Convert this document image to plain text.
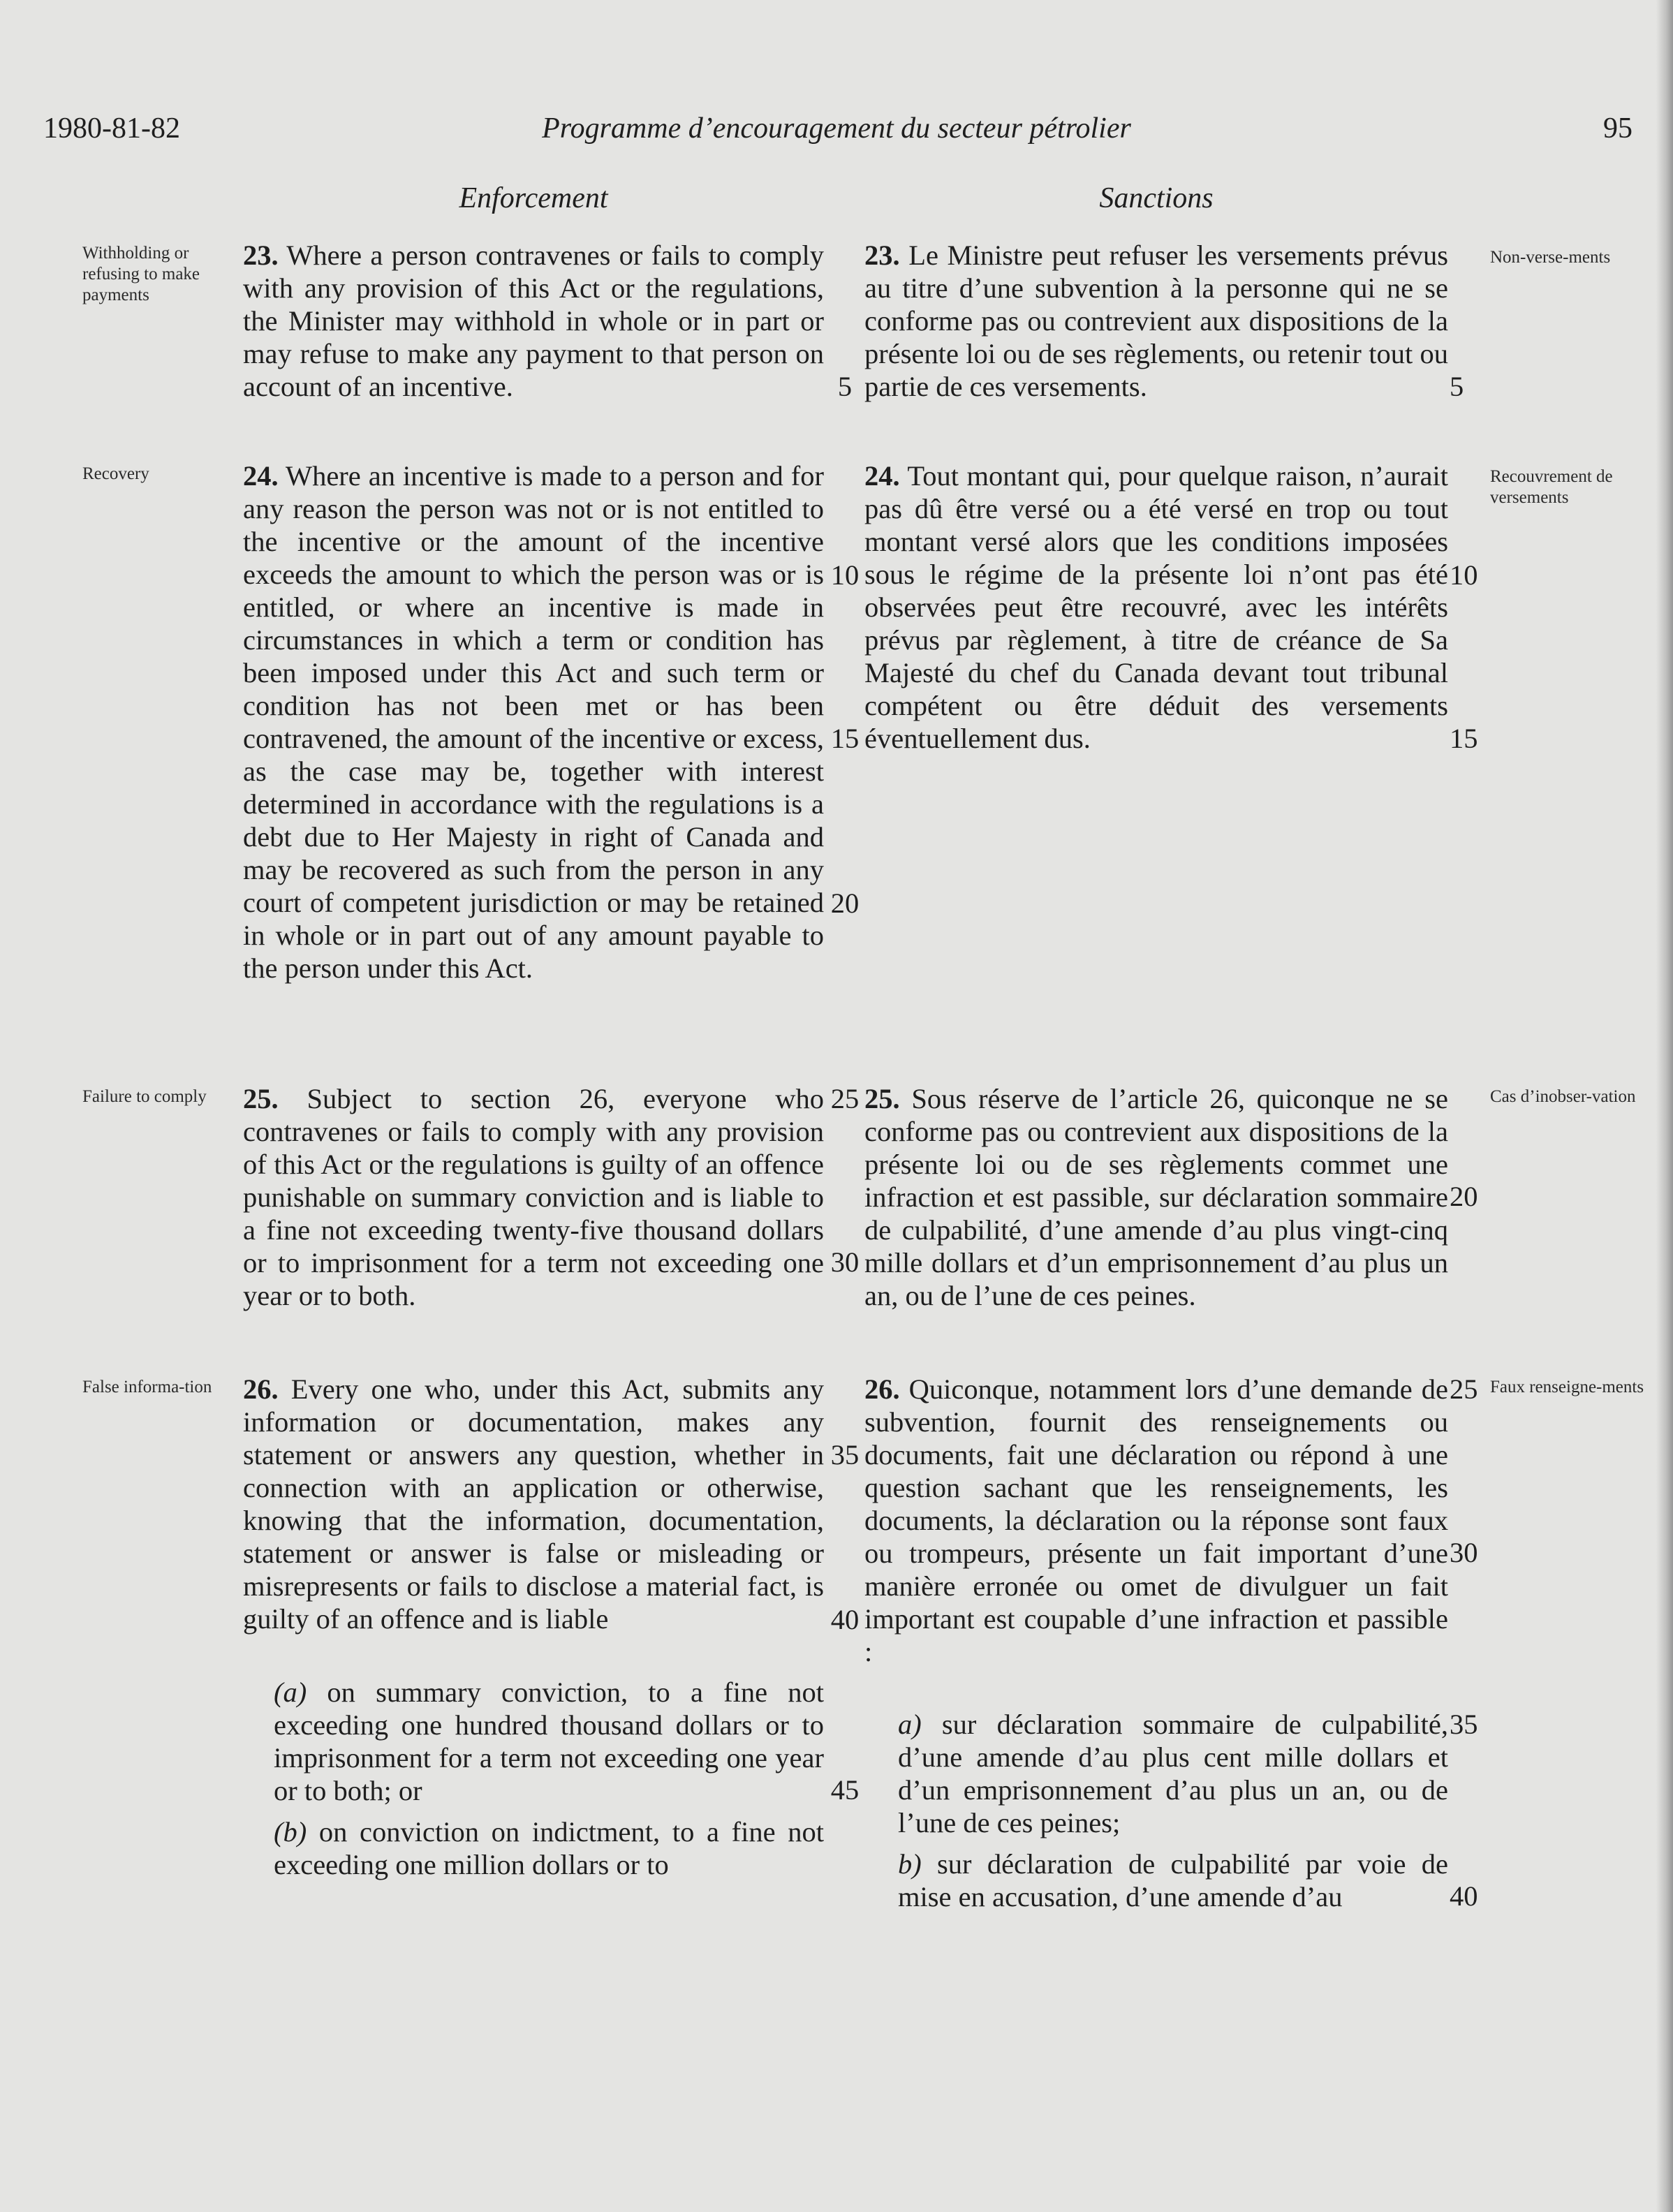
1980-81-82	Programme d’encouragement du secteur pétrolier	95
Enforcement	Sanctions
Withholding or refusing to make payments
Recovery
Failure to comply
False informa-tion
Non-verse-ments
Recouvrement de versements
Cas d’inobser-vation
Faux renseigne-ments
23. Where a person contravenes or fails to comply with any provision of this Act or the regulations, the Minister may withhold in whole or in part or may refuse to make any payment to that person on account of an incentive.
24. Where an incentive is made to a person and for any reason the person was not or is not entitled to the incentive or the amount of the incentive exceeds the amount to which the person was or is entitled, or where an incentive is made in circumstances in which a term or condition has been imposed under this Act and such term or condition has not been met or has been contravened, the amount of the incentive or excess, as the case may be, together with interest determined in accordance with the regulations is a debt due to Her Majesty in right of Canada and may be recovered as such from the person in any court of competent jurisdiction or may be retained in whole or in part out of any amount payable to the person under this Act.
25. Subject to section 26, everyone who contravenes or fails to comply with any provision of this Act or the regulations is guilty of an offence punishable on summary conviction and is liable to a fine not exceeding twenty-five thousand dollars or to imprisonment for a term not exceeding one year or to both.
26. Every one who, under this Act, submits any information or documentation, makes any statement or answers any question, whether in connection with an application or otherwise, knowing that the information, documentation, statement or answer is false or misleading or misrepresents or fails to disclose a material fact, is guilty of an offence and is liable
(a) on summary conviction, to a fine not exceeding one hundred thousand dollars or to imprisonment for a term not exceeding one year or to both; or
(b) on conviction on indictment, to a fine not exceeding one million dollars or to
23. Le Ministre peut refuser les versements prévus au titre d’une subvention à la personne qui ne se conforme pas ou contrevient aux dispositions de la présente loi ou de ses règlements, ou retenir tout ou partie de ces versements.
24. Tout montant qui, pour quelque raison, n’aurait pas dû être versé ou a été versé en trop ou tout montant versé alors que les conditions imposées sous le régime de la présente loi n’ont pas été observées peut être recouvré, avec les intérêts prévus par règlement, à titre de créance de Sa Majesté du chef du Canada devant tout tribunal compétent ou être déduit des versements éventuellement dus.
25. Sous réserve de l’article 26, quiconque ne se conforme pas ou contrevient aux dispositions de la présente loi ou de ses règlements commet une infraction et est passible, sur déclaration sommaire de culpabilité, d’une amende d’au plus vingt-cinq mille dollars et d’un emprisonnement d’au plus un an, ou de l’une de ces peines.
26. Quiconque, notamment lors d’une demande de subvention, fournit des renseignements ou documents, fait une déclaration ou répond à une question sachant que les renseignements, les documents, la déclaration ou la réponse sont faux ou trompeurs, présente un fait important d’une manière erronée ou omet de divulguer un fait important est coupable d’une infraction et passible :
a) sur déclaration sommaire de culpabilité, d’une amende d’au plus cent mille dollars et d’un emprisonnement d’au plus un an, ou de l’une de ces peines;
b) sur déclaration de culpabilité par voie de mise en accusation, d’une amende d’au
5
10
15
20
25
30
35
40
45
5
10
15
20
25
30
35
40
